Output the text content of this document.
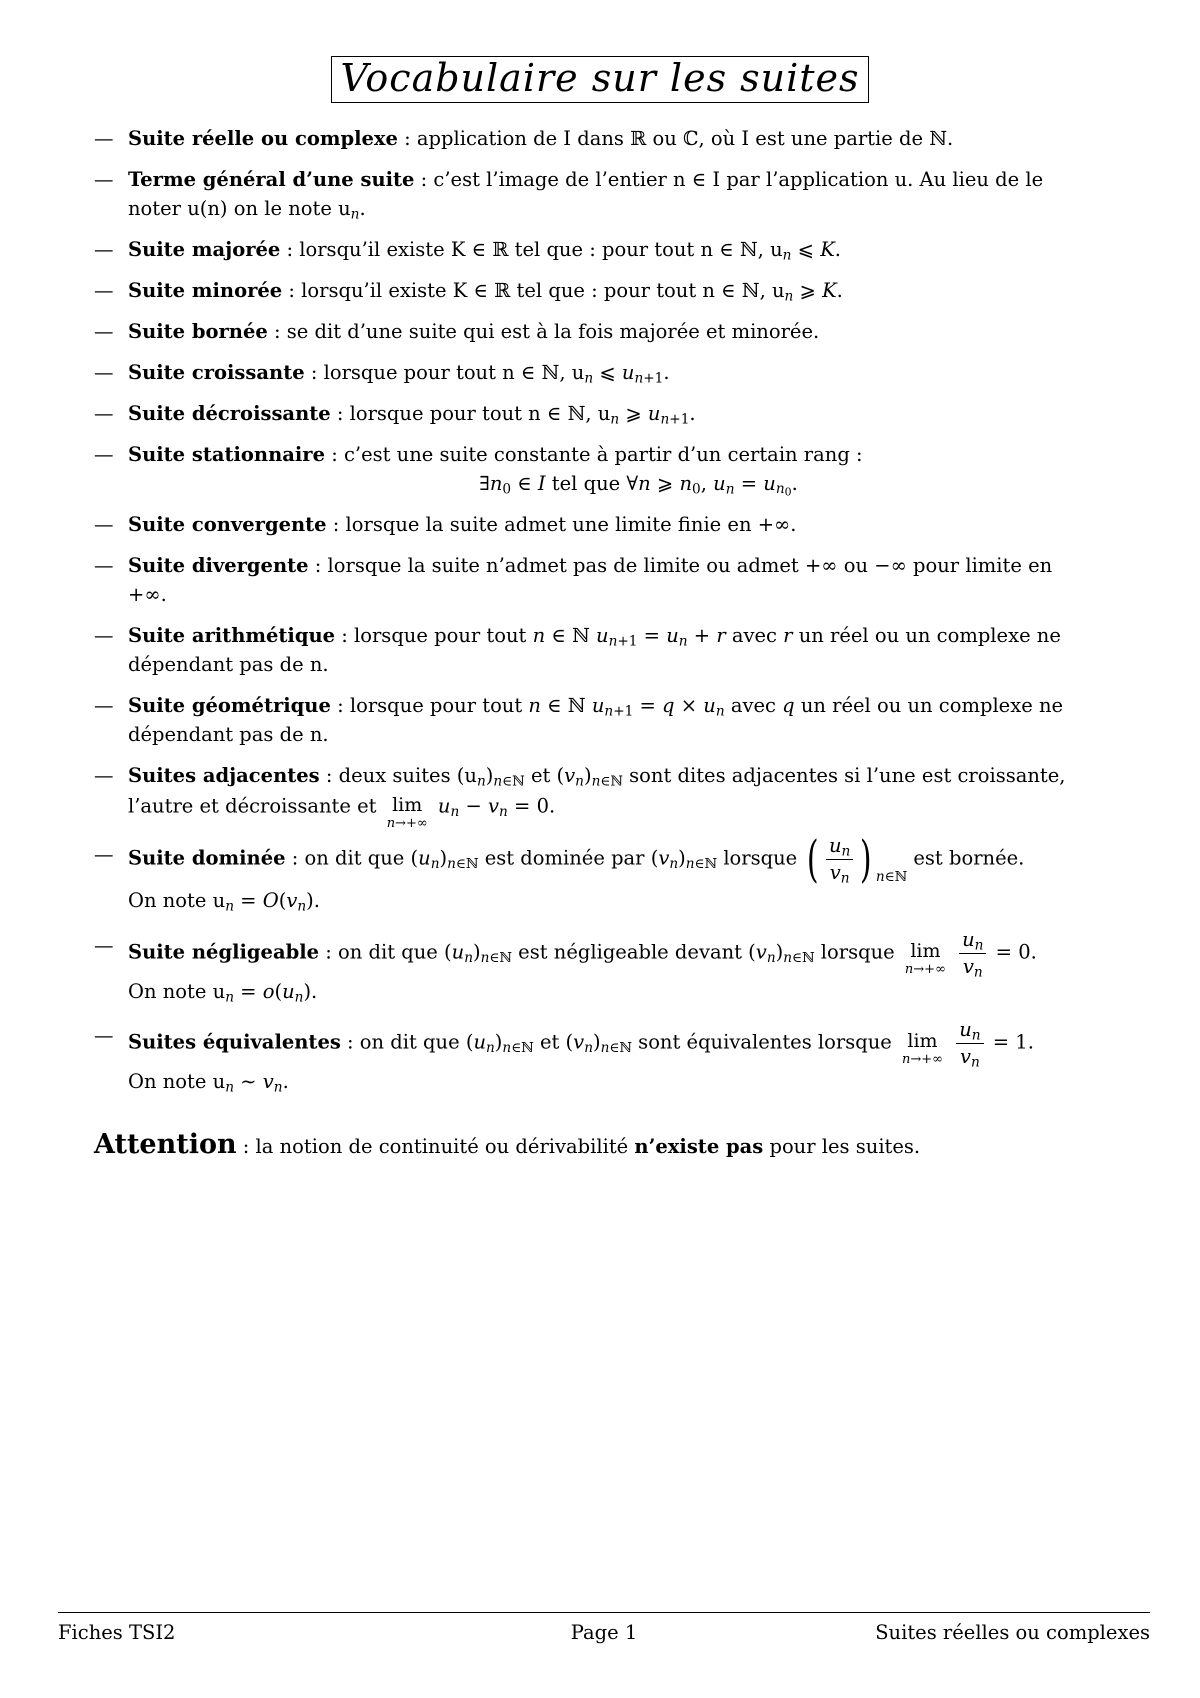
Vocabulaire sur les suites
— Suite réelle ou complexe : application de I dans ℝ ou ℂ, où I est une partie de ℕ.
— Terme général d’une suite : c’est l’image de l’entier n ∈ I par l’application u. Au lieu de le
noter u(n) on le note $u_n$.
— Suite majorée : lorsqu’il existe K ∈ ℝ tel que : pour tout n ∈ ℕ, $u_n$ ⩽ K.
— Suite minorée : lorsqu’il existe K ∈ ℝ tel que : pour tout n ∈ ℕ, $u_n$ ⩾ K.
— Suite bornée : se dit d’une suite qui est à la fois majorée et minorée.
— Suite croissante : lorsque pour tout n ∈ ℕ, $u_n$ ⩽ $u_{n+1}$.
— Suite décroissante : lorsque pour tout n ∈ ℕ, $u_n$ ⩾ $u_{n+1}$.
— Suite stationnaire : c’est une suite constante à partir d’un certain rang :

$\exists n_0$ ∈ I tel que ∀n ⩾ $n_0$, $u_n = u_{n_0}$.
— Suite convergente : lorsque la suite admet une limite finie en +∞.
— Suite divergente : lorsque la suite n’admet pas de limite ou admet +∞ ou −∞ pour limite en
+∞.
— Suite arithmétique : lorsque pour tout n ∈ ℕ $u_{n+1} = u_n + r$ avec r un réel ou un complexe ne
dépendant pas de n.
— Suite géométrique : lorsque pour tout n ∈ ℕ $u_{n+1} = q \times u_n$ avec q un réel ou un complexe ne
dépendant pas de n.
— Suites adjacentes : deux suites $(u_n)_{n\in ℕ}$ et $(v_n)_{n\in ℕ}$ sont dites adjacentes si l’une est croissante,
l’autre et décroissante et lim
n→+∞
$u_n - v_n = 0$.
— Suite dominée : on dit que $(u_n)_{n\in ℕ}$ est dominée par $(v_n)_{n\in ℕ}$ lorsque ( $\frac{u_n}{v_n}$ ) $_{n\in ℕ}$ est bornée.
On note $u_n = O(v_n)$.
— Suite négligeable : on dit que $(u_n)_{n\in ℕ}$ est négligeable devant $(v_n)_{n\in ℕ}$ lorsque lim
n→+∞
$\frac{u_n}{v_n} = 0$.
On note $u_n = o(u_n)$.
— Suites équivalentes : on dit que $(u_n)_{n\in ℕ}$ et $(v_n)_{n\in ℕ}$ sont équivalentes lorsque lim
n→+∞
$\frac{u_n}{v_n} = 1$.
On note $u_n$ ∼ $v_n$.
Attention : la notion de continuité ou dérivabilité n’existe pas pour les suites.
Fiches TSI2	Page 1	Suites réelles ou complexes
